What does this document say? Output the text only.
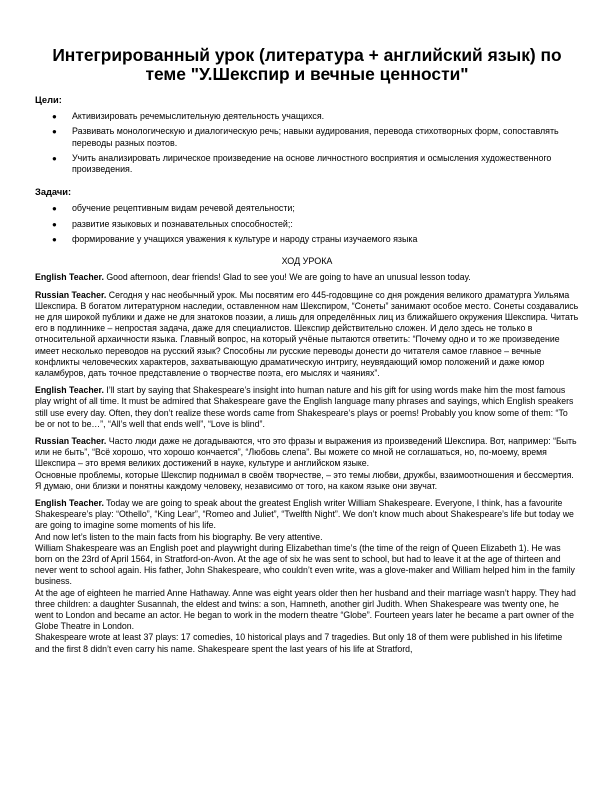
Интегрированный урок (литература + английский язык) по теме "У.Шекспир и вечные ценности"
Цели:
● Активизировать речемыслительную деятельность учащихся.
● Развивать монологическую и диалогическую речь; навыки аудирования, перевода стихотворных форм, сопоставлять переводы разных поэтов.
● Учить анализировать лирическое произведение на основе личностного восприятия и осмысления художественного произведения.
Задачи:
● обучение рецептивным видам речевой деятельности;
● развитие языковых и познавательных способностей;:
● формирование у учащихся уважения к культуре и народу страны изучаемого языка
ХОД УРОКА

English Teacher. Good afternoon, dear friends! Glad to see you! We are going to have an unusual lesson today.

Russian Teacher. Сегодня у нас необычный урок. Мы посвятим его 445-годовщине со дня рождения великого драматурга Уильяма Шекспира. В богатом литературном наследии, оставленном нам Шекспиром, “Сонеты” занимают особое место. Сонеты создавались не для широкой публики и даже не для знатоков поэзии, а лишь для определённых лиц из ближайшего окружения Шекспира. Читать его в подлиннике – непростая задача, даже для специалистов. Шекспир действительно сложен. И дело здесь не только в относительной архаичности языка. Главный вопрос, на который учёные пытаются ответить: “Почему одно и то же произведение имеет несколько переводов на русский язык? Способны ли русские переводы донести до читателя самое главное – вечные конфликты человеческих характеров, захватывающую драматическую интригу, неувядающий юмор положений и даже юмор каламбуров, дать точное представление о творчестве поэта, его мыслях и чаяниях”.

English Teacher. I’ll start by saying that Shakespeare’s insight into human nature and his gift for using words make him the most famous play wright of all time. It must be admired that Shakespeare gave the English language many phrases and sayings, which English speakers still use every day. Often, they don’t realize these words came from Shakespeare’s plays or poems! Probably you know some of them: “To be or not to be…”, “All’s well that ends well”, “Love is blind”.

Russian Teacher. Часто люди даже не догадываются, что это фразы и выражения из произведений Шекспира. Вот, например: “Быть или не быть”, “Всё хорошо, что хорошо кончается”, “Любовь слепа”. Вы можете со мной не соглашаться, но, по-моему, время Шекспира – это время великих достижений в науке, культуре и английском языке.

Основные проблемы, которые Шекспир поднимал в своём творчестве, – это темы любви, дружбы, взаимоотношения и бессмертия. Я думаю, они близки и понятны каждому человеку, независимо от того, на каком языке они звучат.

English Teacher. Today we are going to speak about the greatest English writer William Shakespeare. Everyone, I think, has a favourite Shakespeare’s play: “Othello”, “King Lear”, “Romeo and Juliet”, “Twelfth Night”. We don’t know much about Shakespeare’s life but today we are going to imagine some moments of his life.

And now let’s listen to the main facts from his biography. Be very attentive.

William Shakespeare was an English poet and playwright during Elizabethan time’s (the time of the reign of Queen Elizabeth 1). He was born on the 23rd of April 1564, in Stratford-on-Avon. At the age of six he was sent to school, but had to leave it at the age of thirteen and never went to school again. His father, John Shakespeare, who couldn’t even write, was a glove-maker and William helped him in the family business.

At the age of eighteen he married Anne Hathaway. Anne was eight years older then her husband and their marriage wasn’t happy. They had three children: a daughter Susannah, the eldest and twins: a son, Hamneth, another girl Judith. When Shakespeare was twenty one, he went to London and became an actor. He began to work in the modern theatre “Globe”. Fourteen years later he became a part owner of the Globe Theatre in London.

Shakespeare wrote at least 37 plays: 17 comedies, 10 historical plays and 7 tragedies. But only 18 of them were published in his lifetime and the first 8 didn’t even carry his name. Shakespeare spent the last years of his life at Stratford,
